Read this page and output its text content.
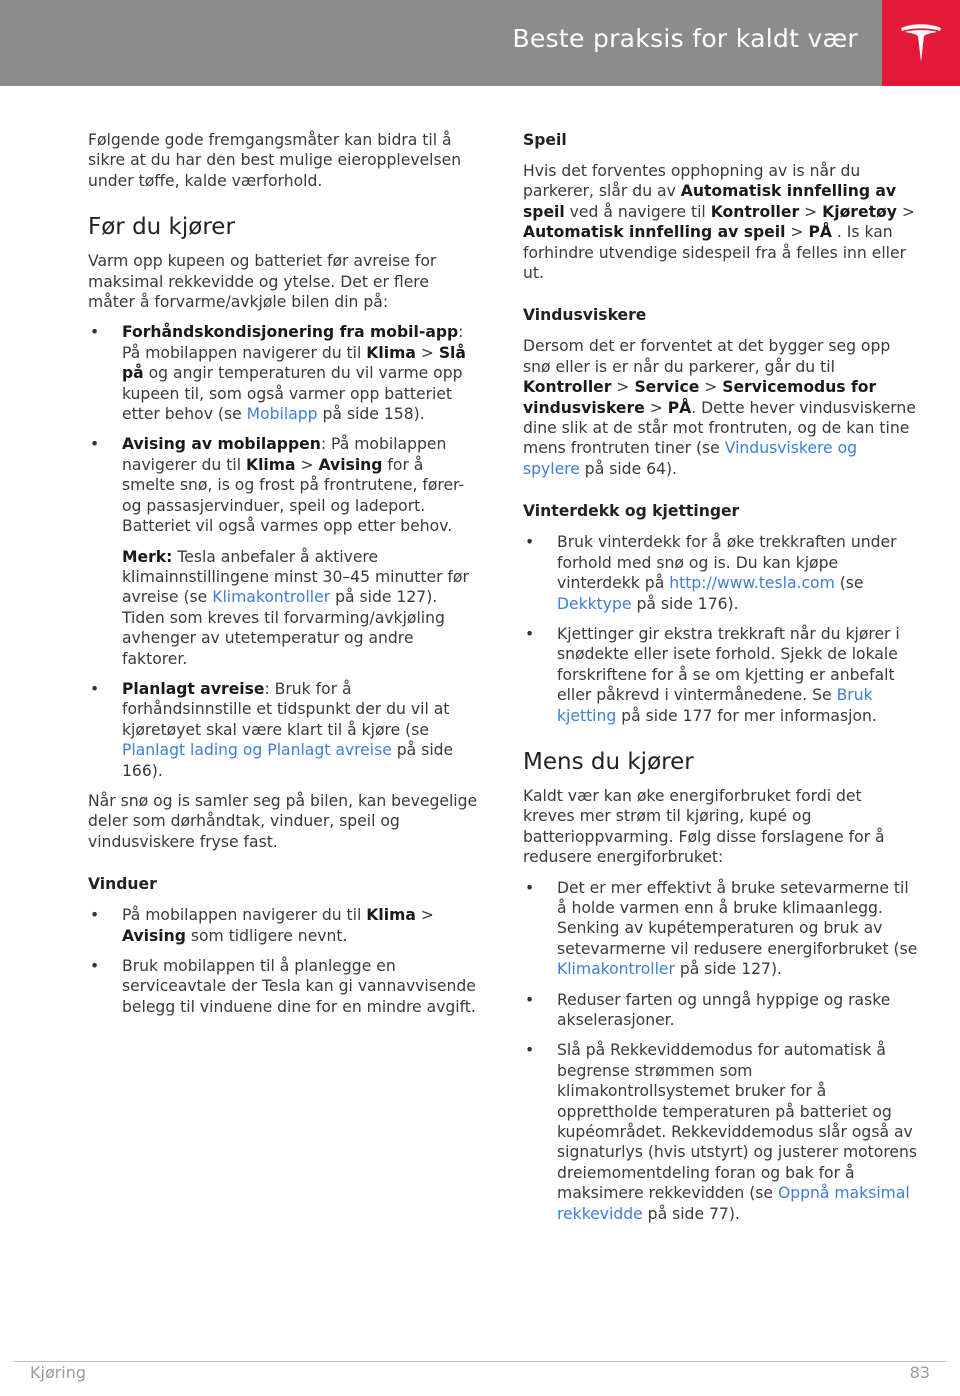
Beste praksis for kaldt vær

Følgende gode fremgangsmåter kan bidra til å sikre at du har den best mulige eieropplevelsen under tøffe, kalde værforhold.

Før du kjører

Varm opp kupeen og batteriet før avreise for maksimal rekkevidde og ytelse. Det er flere måter å forvarme/avkjøle bilen din på:

• Forhåndskondisjonering fra mobil-app: På mobilappen navigerer du til Klima > Slå på og angir temperaturen du vil varme opp kupeen til, som også varmer opp batteriet etter behov (se Mobilapp på side 158).
• Avising av mobilappen: På mobilappen navigerer du til Klima > Avising for å smelte snø, is og frost på frontrutene, fører- og passasjervinduer, speil og ladeport. Batteriet vil også varmes opp etter behov.

Merk: Tesla anbefaler å aktivere klimainnstillingene minst 30–45 minutter før avreise (se Klimakontroller på side 127). Tiden som kreves til forvarming/avkjøling avhenger av utetemperatur og andre faktorer.

• Planlagt avreise: Bruk for å forhåndsinnstille et tidspunkt der du vil at kjøretøyet skal være klart til å kjøre (se Planlagt lading og Planlagt avreise på side 166).

Når snø og is samler seg på bilen, kan bevegelige deler som dørhåndtak, vinduer, speil og vindusviskere fryse fast.

Vinduer
• På mobilappen navigerer du til Klima > Avising som tidligere nevnt.
• Bruk mobilappen til å planlegge en serviceavtale der Tesla kan gi vannavvisende belegg til vinduene dine for en mindre avgift.
Speil

Hvis det forventes opphopning av is når du parkerer, slår du av Automatisk innfelling av speil ved å navigere til Kontroller > Kjøretøy > Automatisk innfelling av speil > PÅ . Is kan forhindre utvendige sidespeil fra å felles inn eller ut.

Vindusviskere

Dersom det er forventet at det bygger seg opp snø eller is er når du parkerer, går du til Kontroller > Service > Servicemodus for vindusviskere > PÅ. Dette hever vindusviskerne dine slik at de står mot frontruten, og de kan tine mens frontruten tiner (se Vindusviskere og spylere på side 64).

Vinterdekk og kjettinger
• Bruk vinterdekk for å øke trekkraften under forhold med snø og is. Du kan kjøpe vinterdekk på http://www.tesla.com (se Dekktype på side 176).
• Kjettinger gir ekstra trekkraft når du kjører i snødekte eller isete forhold. Sjekk de lokale forskriftene for å se om kjetting er anbefalt eller påkrevd i vintermånedene. Se Bruk kjetting på side 177 for mer informasjon.
Mens du kjører

Kaldt vær kan øke energiforbruket fordi det kreves mer strøm til kjøring, kupé og batterioppvarming. Følg disse forslagene for å redusere energiforbruket:

• Det er mer effektivt å bruke setevarmerne til å holde varmen enn å bruke klimaanlegg. Senking av kupétemperaturen og bruk av setevarmerne vil redusere energiforbruket (se Klimakontroller på side 127).
• Reduser farten og unngå hyppige og raske akselerasjoner.
• Slå på Rekkeviddemodus for automatisk å begrense strømmen som klimakontrollsystemet bruker for å opprettholde temperaturen på batteriet og kupéområdet. Rekkeviddemodus slår også av signaturlys (hvis utstyrt) og justerer motorens dreiemomentdeling foran og bak for å maksimere rekkevidden (se Oppnå maksimal rekkevidde på side 77).
Kjøring	83
